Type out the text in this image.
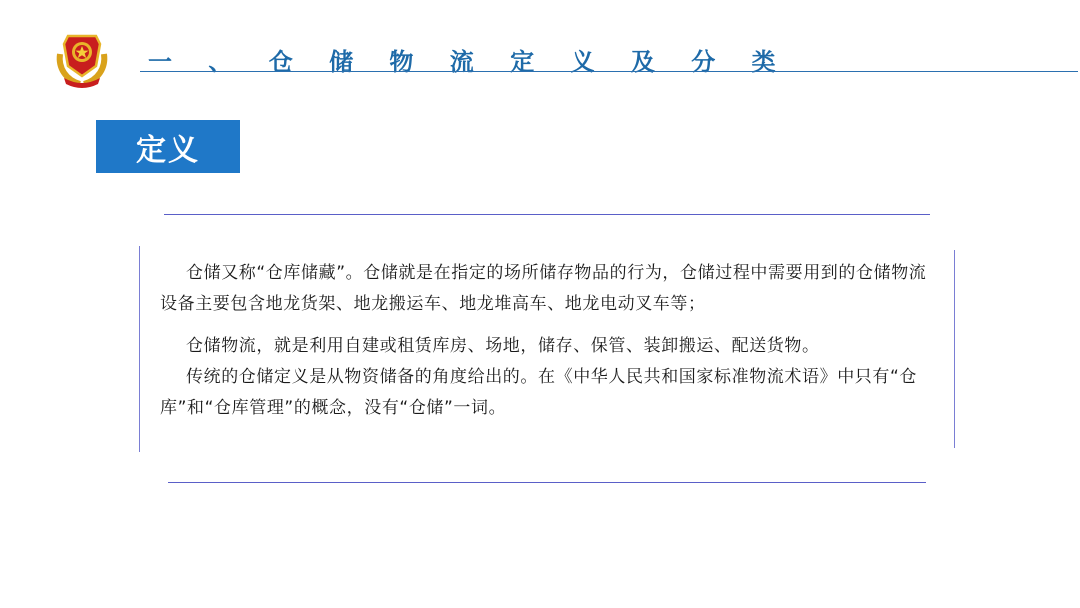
一 、 仓 储 物 流 定 义 及 分 类
定义

仓储又称“仓库储藏”。仓储就是在指定的场所储存物品的行为，仓储过程中需要用到的仓储物流设备主要包含地龙货架、地龙搬运车、地龙堆高车、地龙电动叉车等；

仓储物流，就是利用自建或租赁库房、场地，储存、保管、装卸搬运、配送货物。

传统的仓储定义是从物资储备的角度给出的。在《中华人民共和国家标准物流术语》中只有“仓库”和“仓库管理”的概念，没有“仓储”一词。
